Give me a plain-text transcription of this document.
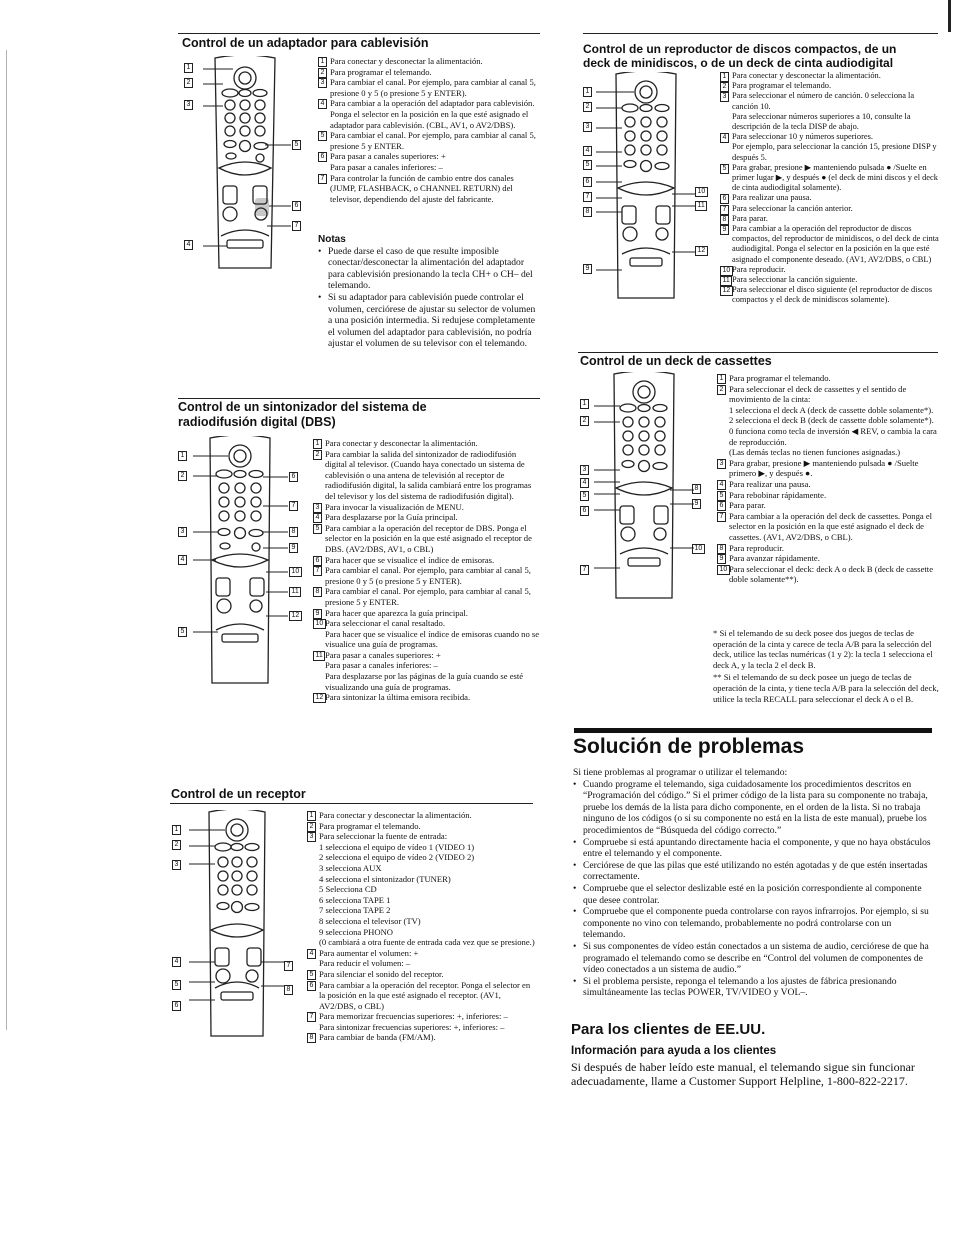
Control de un adaptador para cablevisión
1
2
3
4
5
6
7
1 Para conectar y desconectar la alimentación.
2 Para programar el telemando.
3 Para cambiar el canal. Por ejemplo, para cambiar al canal 5, presione 0 y 5 (o presione 5 y ENTER).
4 Para cambiar a la operación del adaptador para cablevisión. Ponga el selector en la posición en la que esté asignado el adaptador para cablevisión. (CBL, AV1, o AV2/DBS).
5 Para cambiar el canal. Por ejemplo, para cambiar al canal 5, presione 5 y ENTER.
6 Para pasar a canales superiores: +
Para pasar a canales inferiores: –
7 Para controlar la función de cambio entre dos canales (JUMP, FLASHBACK, o CHANNEL RETURN) del televisor, dependiendo del ajuste del fabricante.
Notas
• Puede darse el caso de que resulte imposible conectar/desconectar la alimentación del adaptador para cablevisión presionando la tecla CH+ o CH– del telemando.
• Si su adaptador para cablevisión puede controlar el volumen, cerciórese de ajustar su selector de volumen a una posición intermedia. Si redujese completamente el volumen del adaptador para cablevisión, no podría ajustar el volumen de su televisor con el telemando.
Control de un sintonizador del sistema de
radiodifusión digital (DBS)
1
2
3
4
5
6
7
8
9
10
11
12
1 Para conectar y desconectar la alimentación.
2 Para cambiar la salida del sintonizador de radiodifusión digital al televisor. (Cuando haya conectado un sistema de cablevisión o una antena de televisión al receptor de radiodifusión digital, la salida cambiará entre los programas del televisor y los del sistema de radiodifusión digital).
3 Para invocar la visualización de MENU.
4 Para desplazarse por la Guía principal.
5 Para cambiar a la operación del receptor de DBS. Ponga el selector en la posición en la que esté asignado el receptor de DBS. (AV2/DBS, AV1, o CBL)
6 Para hacer que se visualice el índice de emisoras.
7 Para cambiar el canal. Por ejemplo, para cambiar al canal 5, presione 0 y 5 (o presione 5 y ENTER).
8 Para cambiar el canal. Por ejemplo, para cambiar al canal 5, presione 5 y ENTER.
9 Para hacer que aparezca la guía principal.
10 Para seleccionar el canal resaltado.
Para hacer que se visualice el índice de emisoras cuando no se visualice una guía de programas.
11 Para pasar a canales superiores: +
Para pasar a canales inferiores: –
Para desplazarse por las páginas de la guía cuando se esté visualizando una guía de programas.
12 Para sintonizar la última emisora recibida.
Control de un receptor
1
2
3
4
5
6
7
8
1 Para conectar y desconectar la alimentación.
2 Para programar el telemando.
3 Para seleccionar la fuente de entrada:
1 selecciona el equipo de vídeo 1 (VIDEO 1)
2 selecciona el equipo de vídeo 2 (VIDEO 2)
3 selecciona AUX
4 selecciona el sintonizador (TUNER)
5 Selecciona CD
6 selecciona TAPE 1
7 selecciona TAPE 2
8 selecciona el televisor (TV)
9 selecciona PHONO
(0 cambiará a otra fuente de entrada cada vez que se presione.)
4 Para aumentar el volumen: +
Para reducir el volumen: –
5 Para silenciar el sonido del receptor.
6 Para cambiar a la operación del receptor. Ponga el selector en la posición en la que esté asignado el receptor. (AV1, AV2/DBS, o CBL)
7 Para memorizar frecuencias superiores: +, inferiores: –
Para sintonizar frecuencias superiores: +, inferiores: –
8 Para cambiar de banda (FM/AM).
Control de un reproductor de discos compactos, de un
deck de minidiscos, o de un deck de cinta audiodigital
1
2
3
4
5
6
7
8
9
10
11
12
1 Para conectar y desconectar la alimentación.
2 Para programar el telemando.
3 Para seleccionar el número de canción. 0 selecciona la canción 10.
Para seleccionar números superiores a 10, consulte la descripción de la tecla DISP de abajo.
4 Para seleccionar 10 y números superiores.
Por ejemplo, para seleccionar la canción 15, presione DISP y después 5.
5 Para grabar, presione ▶ manteniendo pulsada ● /Suelte en primer lugar ▶, y después ● (el deck de mini discos y el deck de cinta audiodigital solamente).
6 Para realizar una pausa.
7 Para seleccionar la canción anterior.
8 Para parar.
9 Para cambiar a la operación del reproductor de discos compactos, del reproductor de minidiscos, o del deck de cinta audiodigital. Ponga el selector en la posición en la que esté asignado el componente deseado. (AV1, AV2/DBS, o CBL)
10 Para reproducir.
11 Para seleccionar la canción siguiente.
12 Para seleccionar el disco siguiente (el reproductor de discos compactos y el deck de minidiscos solamente).
Control de un deck de cassettes
1
2
3
4
5
6
7
8
9
10
1 Para programar el telemando.
2 Para seleccionar el deck de cassettes y el sentido de movimiento de la cinta:
1 selecciona el deck A (deck de cassette doble solamente*).
2 selecciona el deck B (deck de cassette doble solamente*).
0 funciona como tecla de inversión ◀ REV, o cambia la cara de reproducción.
(Las demás teclas no tienen funciones asignadas.)
3 Para grabar, presione ▶ manteniendo pulsada ● /Suelte primero ▶, y después ●.
4 Para realizar una pausa.
5 Para rebobinar rápidamente.
6 Para parar.
7 Para cambiar a la operación del deck de cassettes. Ponga el selector en la posición en la que esté asignado el deck de cassettes. (AV1, AV2/DBS, o CBL).
8 Para reproducir.
9 Para avanzar rápidamente.
10 Para seleccionar el deck: deck A o deck B (deck de cassette doble solamente**).
* Si el telemando de su deck posee dos juegos de teclas de operación de la cinta y carece de tecla A/B para la selección del deck, utilice las teclas numéricas (1 y 2): la tecla 1 selecciona el deck A, y la tecla 2 el deck B.
** Si el telemando de su deck posee un juego de teclas de operación de la cinta, y tiene tecla A/B para la selección del deck, utilice la tecla RECALL para seleccionar el deck A o el B.
Solución de problemas
Si tiene problemas al programar o utilizar el telemando:
• Cuando programe el telemando, siga cuidadosamente los procedimientos descritos en “Programación del código.” Si el primer código de la lista para su componente no trabaja, pruebe los demás de la lista para dicho componente, en el orden de la lista. Si no trabaja ninguno de los códigos (o si su componente no está en la lista de este manual), pruebe los procedimientos de “Búsqueda del código correcto.”
• Compruebe si está apuntando directamente hacia el componente, y que no haya obstáculos entre el telemando y el componente.
• Cerciórese de que las pilas que esté utilizando no estén agotadas y de que estén insertadas correctamente.
• Compruebe que el selector deslizable esté en la posición correspondiente al componente que desee controlar.
• Compruebe que el componente pueda controlarse con rayos infrarrojos. Por ejemplo, si su componente no vino con telemando, probablemente no podrá controlarse con un telemando.
• Si sus componentes de vídeo están conectados a un sistema de audio, cerciórese de que ha programado el telemando como se describe en “Control del volumen de componentes de vídeo conectados a un sistema de audio.”
• Si el problema persiste, reponga el telemando a los ajustes de fábrica presionando simultáneamente las teclas POWER, TV/VIDEO y VOL–.
Para los clientes de EE.UU.
Información para ayuda a los clientes
Si después de haber leído este manual, el telemando sigue sin funcionar adecuadamente, llame a Customer Support Helpline, 1-800-822-2217.
